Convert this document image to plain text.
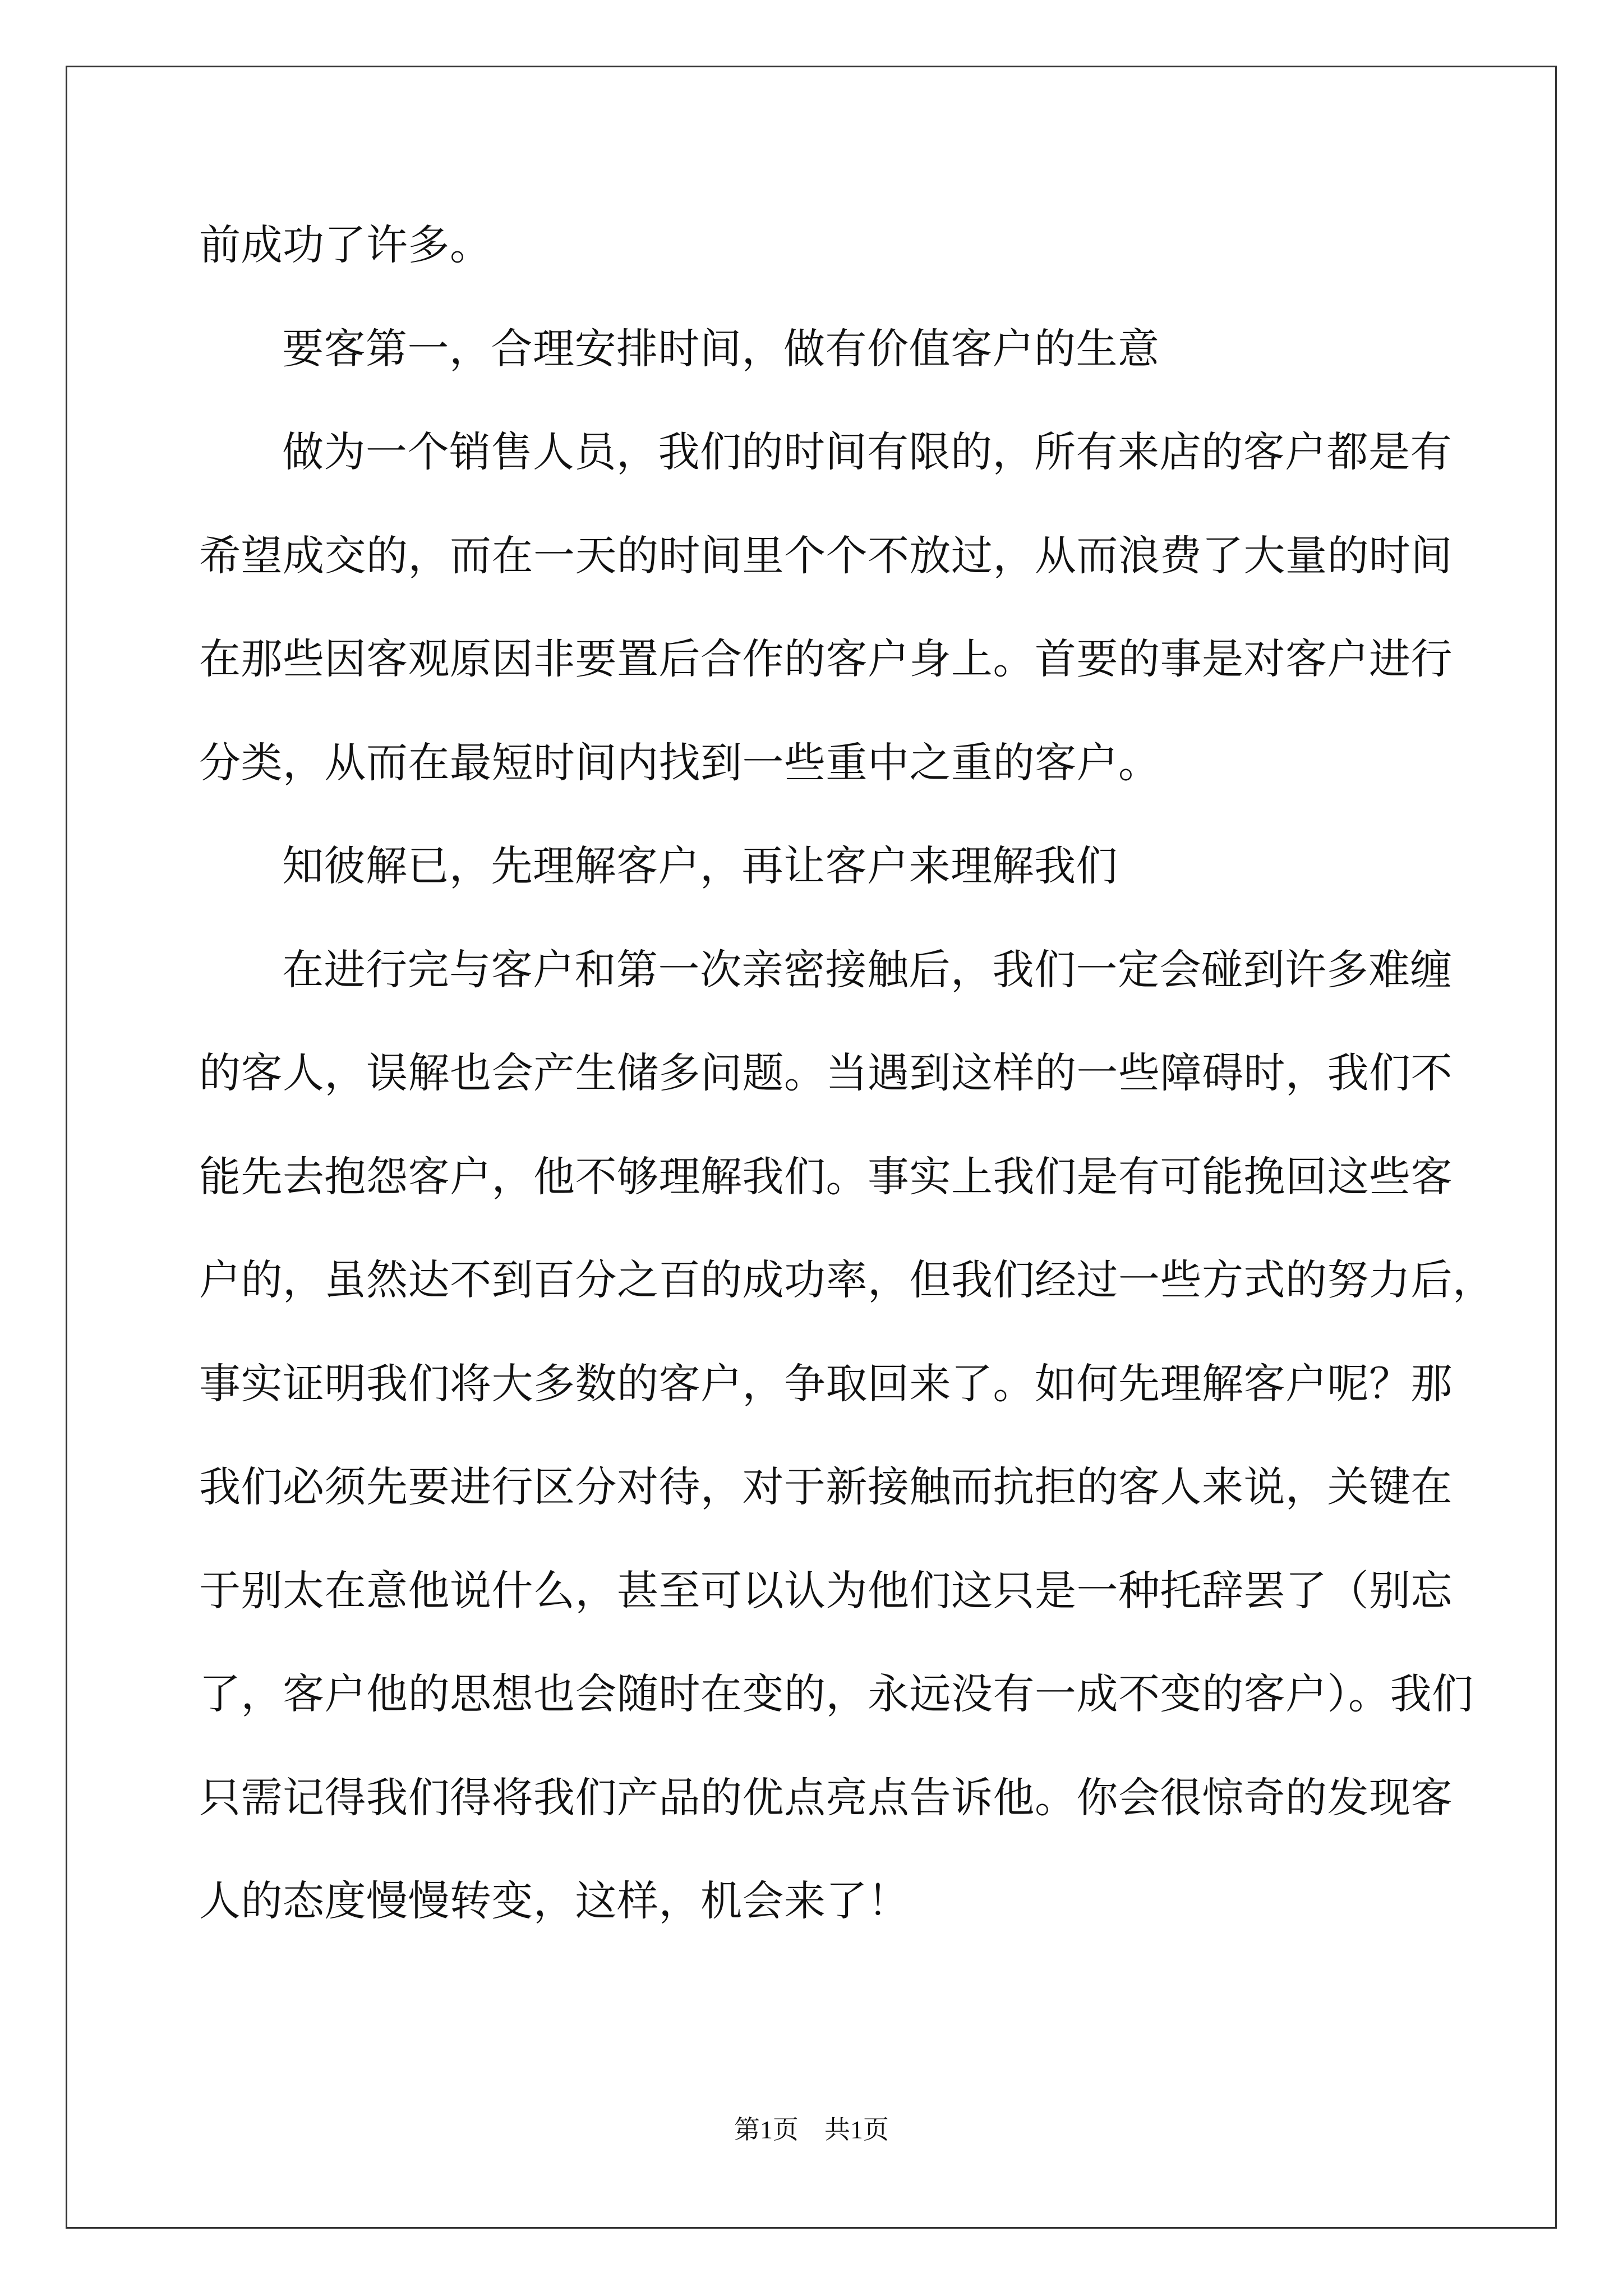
前成功了许多。
要客第一，合理安排时间，做有价值客户的生意
做为一个销售人员，我们的时间有限的，所有来店的客户都是有
希望成交的，而在一天的时间里个个不放过，从而浪费了大量的时间
在那些因客观原因非要置后合作的客户身上。首要的事是对客户进行
分类，从而在最短时间内找到一些重中之重的客户。
知彼解已，先理解客户，再让客户来理解我们
在进行完与客户和第一次亲密接触后，我们一定会碰到许多难缠
的客人，误解也会产生储多问题。当遇到这样的一些障碍时，我们不
能先去抱怨客户，他不够理解我们。事实上我们是有可能挽回这些客
户的，虽然达不到百分之百的成功率，但我们经过一些方式的努力后，
事实证明我们将大多数的客户，争取回来了。如何先理解客户呢？那
我们必须先要进行区分对待，对于新接触而抗拒的客人来说，关键在
于别太在意他说什么，甚至可以认为他们这只是一种托辞罢了（别忘
了，客户他的思想也会随时在变的，永远没有一成不变的客户）。我们
只需记得我们得将我们产品的优点亮点告诉他。你会很惊奇的发现客
人的态度慢慢转变，这样，机会来了！
第1页　共1页
